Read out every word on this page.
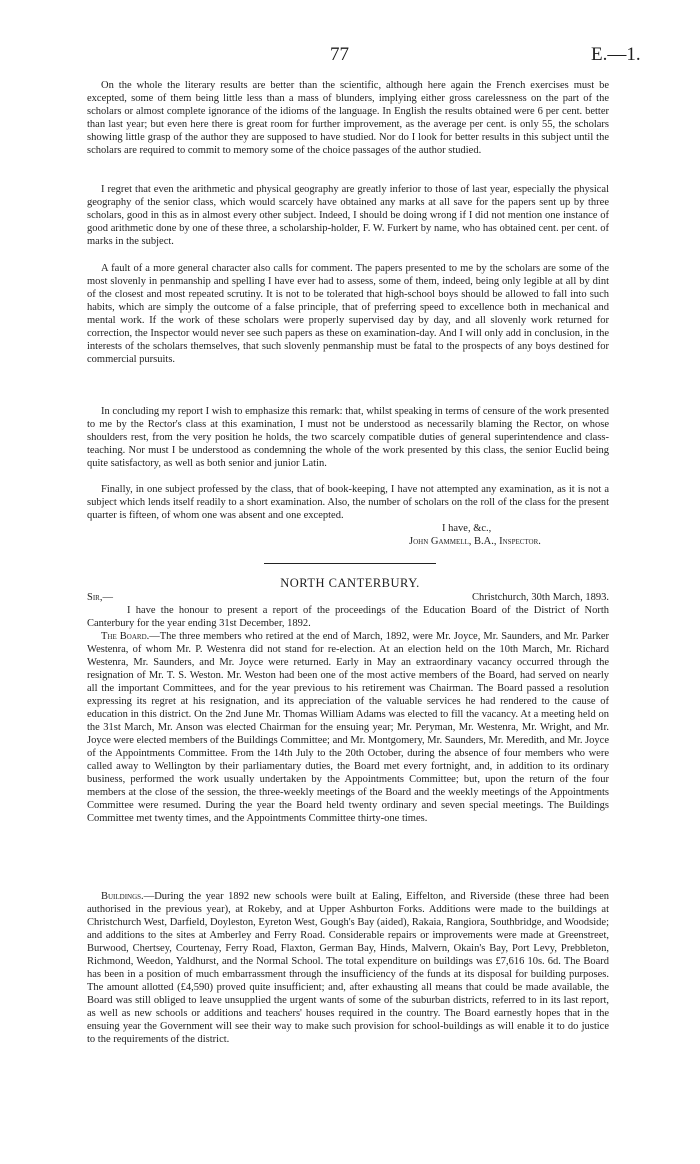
77	E.—1.

On the whole the literary results are better than the scientific, although here again the French exercises must be excepted, some of them being little less than a mass of blunders, implying either gross carelessness on the part of the scholars or almost complete ignorance of the idioms of the language. In English the results obtained were 6 per cent. better than last year; but even here there is great room for further improvement, as the average per cent. is only 55, the scholars showing little grasp of the author they are supposed to have studied. Nor do I look for better results in this subject until the scholars are required to commit to memory some of the choice passages of the author studied.

I regret that even the arithmetic and physical geography are greatly inferior to those of last year, especially the physical geography of the senior class, which would scarcely have obtained any marks at all save for the papers sent up by three scholars, good in this as in almost every other subject. Indeed, I should be doing wrong if I did not mention one instance of good arithmetic done by one of these three, a scholarship-holder, F. W. Furkert by name, who has obtained cent. per cent. of marks in the subject.

A fault of a more general character also calls for comment. The papers presented to me by the scholars are some of the most slovenly in penmanship and spelling I have ever had to assess, some of them, indeed, being only legible at all by dint of the closest and most repeated scrutiny. It is not to be tolerated that high-school boys should be allowed to fall into such habits, which are simply the outcome of a false principle, that of preferring speed to excellence both in mechanical and mental work. If the work of these scholars were properly supervised day by day, and all slovenly work returned for correction, the Inspector would never see such papers as these on examination-day. And I will only add in conclusion, in the interests of the scholars themselves, that such slovenly penmanship must be fatal to the prospects of any boys destined for commercial pursuits.

In concluding my report I wish to emphasize this remark: that, whilst speaking in terms of censure of the work presented to me by the Rector's class at this examination, I must not be understood as necessarily blaming the Rector, on whose shoulders rest, from the very position he holds, the two scarcely compatible duties of general superintendence and class-teaching. Nor must I be understood as condemning the whole of the work presented by this class, the senior Euclid being quite satisfactory, as well as both senior and junior Latin.

Finally, in one subject professed by the class, that of book-keeping, I have not attempted any examination, as it is not a subject which lends itself readily to a short examination. Also, the number of scholars on the roll of the class for the present quarter is fifteen, of whom one was absent and one excepted.

I have, &c.,
John Gammell, B.A., Inspector.
NORTH CANTERBURY.
Sir,—	Christchurch, 30th March, 1893.

I have the honour to present a report of the proceedings of the Education Board of the District of North Canterbury for the year ending 31st December, 1892.

The Board.—The three members who retired at the end of March, 1892, were Mr. Joyce, Mr. Saunders, and Mr. Parker Westenra, of whom Mr. P. Westenra did not stand for re-election. At an election held on the 10th March, Mr. Richard Westenra, Mr. Saunders, and Mr. Joyce were returned. Early in May an extraordinary vacancy occurred through the resignation of Mr. T. S. Weston. Mr. Weston had been one of the most active members of the Board, had served on nearly all the important Committees, and for the year previous to his retirement was Chairman. The Board passed a resolution expressing its regret at his resignation, and its appreciation of the valuable services he had rendered to the cause of education in this district. On the 2nd June Mr. Thomas William Adams was elected to fill the vacancy. At a meeting held on the 31st March, Mr. Anson was elected Chairman for the ensuing year; Mr. Peryman, Mr. Westenra, Mr. Wright, and Mr. Joyce were elected members of the Buildings Committee; and Mr. Montgomery, Mr. Saunders, Mr. Meredith, and Mr. Joyce of the Appointments Committee. From the 14th July to the 20th October, during the absence of four members who were called away to Wellington by their parliamentary duties, the Board met every fortnight, and, in addition to its ordinary business, performed the work usually undertaken by the Appointments Committee; but, upon the return of the four members at the close of the session, the three-weekly meetings of the Board and the weekly meetings of the Appointments Committee were resumed. During the year the Board held twenty ordinary and seven special meetings. The Buildings Committee met twenty times, and the Appointments Committee thirty-one times.

Buildings.—During the year 1892 new schools were built at Ealing, Eiffelton, and Riverside (these three had been authorised in the previous year), at Rokeby, and at Upper Ashburton Forks. Additions were made to the buildings at Christchurch West, Darfield, Doyleston, Eyreton West, Gough's Bay (aided), Rakaia, Rangiora, Southbridge, and Woodside; and additions to the sites at Amberley and Ferry Road. Considerable repairs or improvements were made at Greenstreet, Burwood, Chertsey, Courtenay, Ferry Road, Flaxton, German Bay, Hinds, Malvern, Okain's Bay, Port Levy, Prebbleton, Richmond, Weedon, Yaldhurst, and the Normal School. The total expenditure on buildings was £7,616 10s. 6d. The Board has been in a position of much embarrassment through the insufficiency of the funds at its disposal for building purposes. The amount allotted (£4,590) proved quite insufficient; and, after exhausting all means that could be made available, the Board was still obliged to leave unsupplied the urgent wants of some of the suburban districts, referred to in its last report, as well as new schools or additions and teachers' houses required in the country. The Board earnestly hopes that in the ensuing year the Government will see their way to make such provision for school-buildings as will enable it to do justice to the requirements of the district.
